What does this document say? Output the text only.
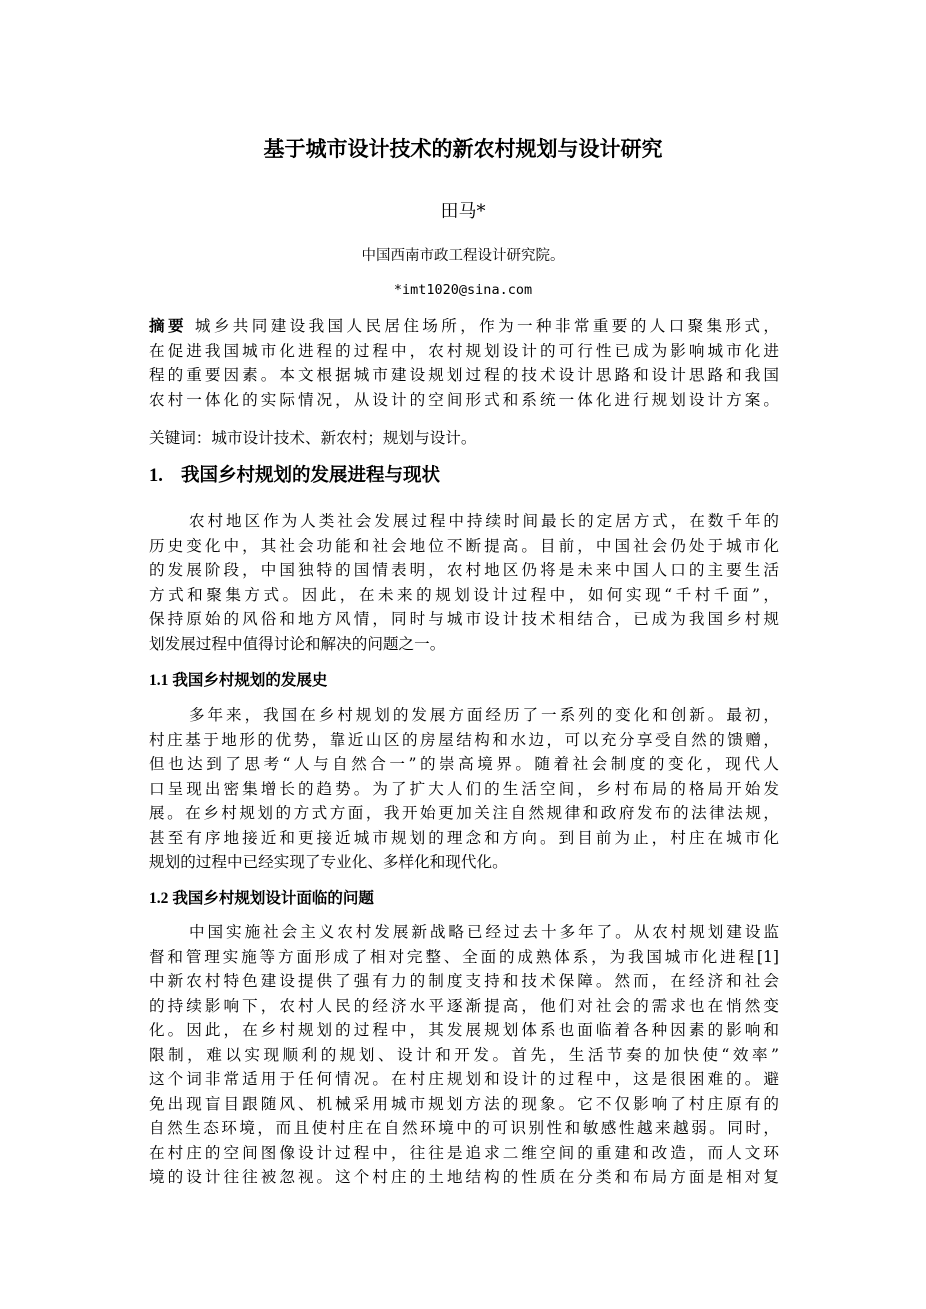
基于城市设计技术的新农村规划与设计研究
田马*
中国西南市政工程设计研究院。
*imt1020@sina.com
摘要 城乡共同建设我国人民居住场所，作为一种非常重要的人口聚集形式，
在促进我国城市化进程的过程中，农村规划设计的可行性已成为影响城市化进
程的重要因素。本文根据城市建设规划过程的技术设计思路和设计思路和我国
农村一体化的实际情况，从设计的空间形式和系统一体化进行规划设计方案。
关键词：城市设计技术、新农村；规划与设计。
1. 我国乡村规划的发展进程与现状
农村地区作为人类社会发展过程中持续时间最长的定居方式，在数千年的
历史变化中，其社会功能和社会地位不断提高。目前，中国社会仍处于城市化
的发展阶段，中国独特的国情表明，农村地区仍将是未来中国人口的主要生活
方式和聚集方式。因此，在未来的规划设计过程中，如何实现“千村千面”，
保持原始的风俗和地方风情，同时与城市设计技术相结合，已成为我国乡村规
划发展过程中值得讨论和解决的问题之一。
1.1 我国乡村规划的发展史
多年来，我国在乡村规划的发展方面经历了一系列的变化和创新。最初，
村庄基于地形的优势，靠近山区的房屋结构和水边，可以充分享受自然的馈赠，
但也达到了思考“人与自然合一”的崇高境界。随着社会制度的变化，现代人
口呈现出密集增长的趋势。为了扩大人们的生活空间，乡村布局的格局开始发
展。在乡村规划的方式方面，我开始更加关注自然规律和政府发布的法律法规，
甚至有序地接近和更接近城市规划的理念和方向。到目前为止，村庄在城市化
规划的过程中已经实现了专业化、多样化和现代化。
1.2 我国乡村规划设计面临的问题
中国实施社会主义农村发展新战略已经过去十多年了。从农村规划建设监
督和管理实施等方面形成了相对完整、全面的成熟体系，为我国城市化进程[1]
中新农村特色建设提供了强有力的制度支持和技术保障。然而，在经济和社会
的持续影响下，农村人民的经济水平逐渐提高，他们对社会的需求也在悄然变
化。因此，在乡村规划的过程中，其发展规划体系也面临着各种因素的影响和
限制，难以实现顺利的规划、设计和开发。首先，生活节奏的加快使“效率”
这个词非常适用于任何情况。在村庄规划和设计的过程中，这是很困难的。避
免出现盲目跟随风、机械采用城市规划方法的现象。它不仅影响了村庄原有的
自然生态环境，而且使村庄在自然环境中的可识别性和敏感性越来越弱。同时，
在村庄的空间图像设计过程中，往往是追求二维空间的重建和改造，而人文环
境的设计往往被忽视。这个村庄的土地结构的性质在分类和布局方面是相对复
